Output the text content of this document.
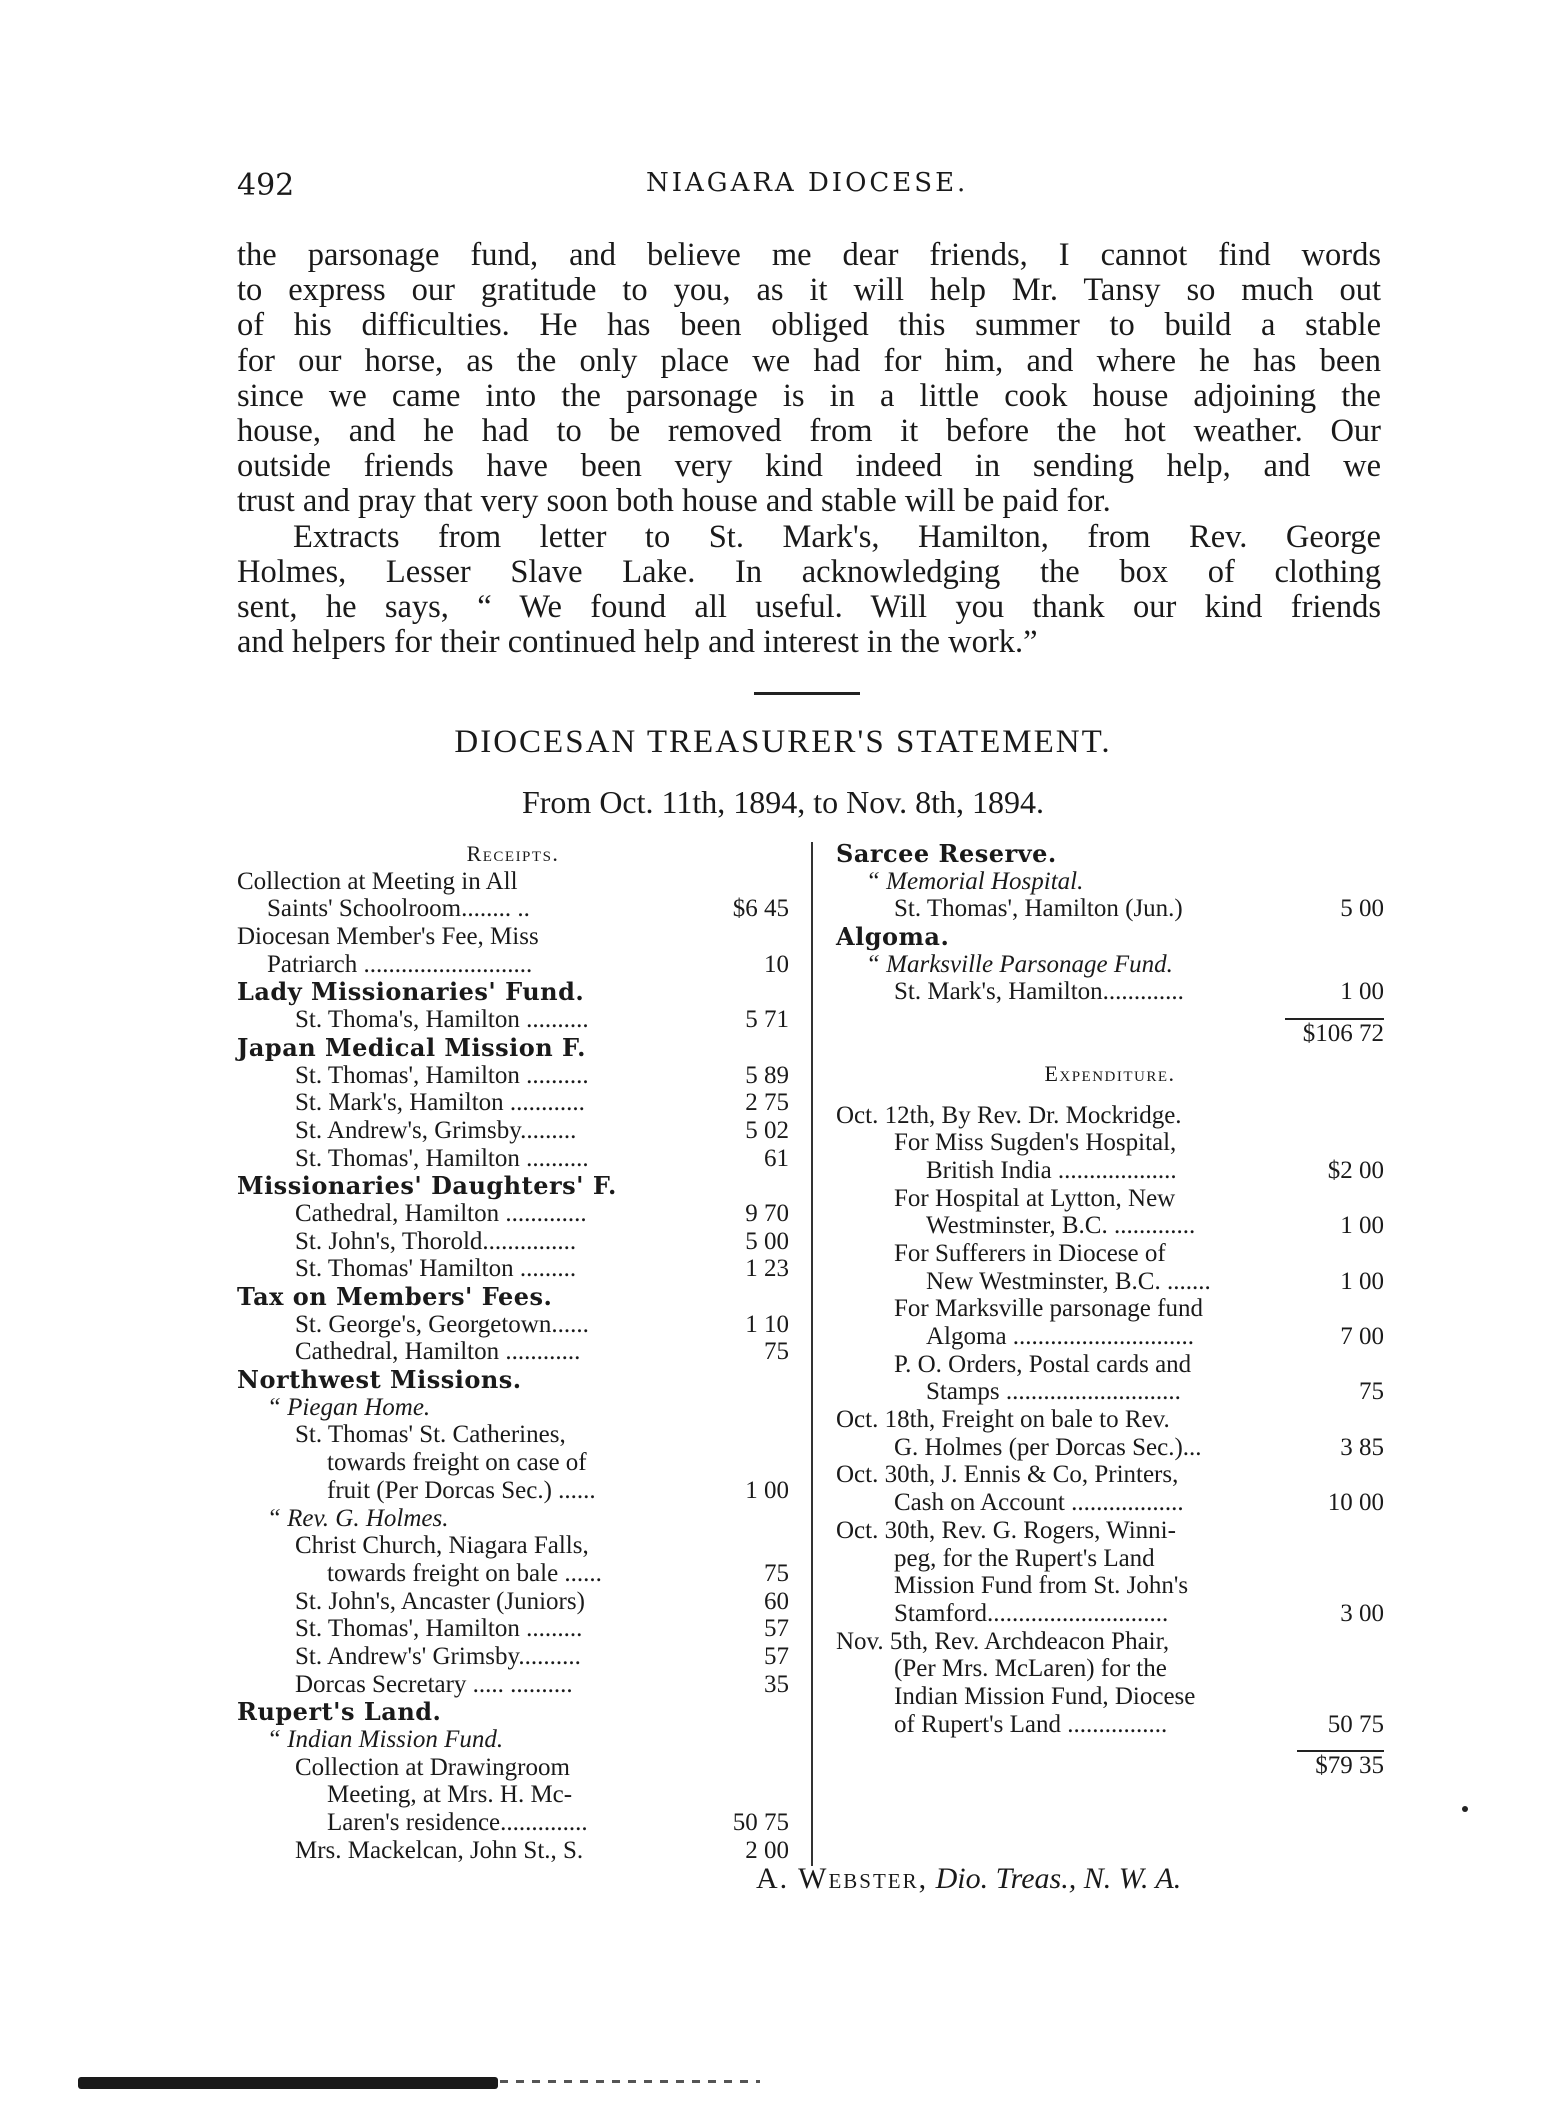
492	NIAGARA DIOCESE.
the parsonage fund, and believe me dear friends, I cannot find words
to express our gratitude to you, as it will help Mr. Tansy so much out
of his difficulties. He has been obliged this summer to build a stable
for our horse, as the only place we had for him, and where he has been
since we came into the parsonage is in a little cook house adjoining the
house, and he had to be removed from it before the hot weather. Our
outside friends have been very kind indeed in sending help, and we
trust and pray that very soon both house and stable will be paid for.
Extracts from letter to St. Mark's, Hamilton, from Rev. George
Holmes, Lesser Slave Lake. In acknowledging the box of clothing
sent, he says, “ We found all useful. Will you thank our kind friends
and helpers for their continued help and interest in the work.”
DIOCESAN TREASURER'S STATEMENT.
From Oct. 11th, 1894, to Nov. 8th, 1894.
Receipts.
Collection at Meeting in All
Saints' Schoolroom........ ..	$6 45
Diocesan Member's Fee, Miss
Patriarch ...........................	10
Lady Missionaries' Fund.
St. Thoma's, Hamilton ..........	5 71
Japan Medical Mission F.
St. Thomas', Hamilton ..........	5 89
St. Mark's, Hamilton ............	2 75
St. Andrew's, Grimsby.........	5 02
St. Thomas', Hamilton ..........	61
Missionaries' Daughters' F.
Cathedral, Hamilton .............	9 70
St. John's, Thorold...............	5 00
St. Thomas' Hamilton .........	1 23
Tax on Members' Fees.
St. George's, Georgetown......	1 10
Cathedral, Hamilton ............	75
Northwest Missions.
“ Piegan Home.
St. Thomas' St. Catherines,
towards freight on case of
fruit (Per Dorcas Sec.) ......	1 00
“ Rev. G. Holmes.
Christ Church, Niagara Falls,
towards freight on bale ......	75
St. John's, Ancaster (Juniors)	60
St. Thomas', Hamilton .........	57
St. Andrew's' Grimsby..........	57
Dorcas Secretary ..... ..........	35
Rupert's Land.
“ Indian Mission Fund.
Collection at Drawingroom
Meeting, at Mrs. H. Mc-
Laren's residence..............	50 75
Mrs. Mackelcan, John St., S.	2 00
Sarcee Reserve.
“ Memorial Hospital.
St. Thomas', Hamilton (Jun.)	5 00
Algoma.
“ Marksville Parsonage Fund.
St. Mark's, Hamilton.............	1 00
$106 72
Expenditure.
Oct. 12th, By Rev. Dr. Mockridge.
For Miss Sugden's Hospital,
British India ...................	$2 00
For Hospital at Lytton, New
Westminster, B.C. .............	1 00
For Sufferers in Diocese of
New Westminster, B.C. .......	1 00
For Marksville parsonage fund
Algoma .............................	7 00
P. O. Orders, Postal cards and
Stamps ............................	75
Oct. 18th, Freight on bale to Rev.
G. Holmes (per Dorcas Sec.)...	3 85
Oct. 30th, J. Ennis & Co, Printers,
Cash on Account ..................	10 00
Oct. 30th, Rev. G. Rogers, Winni-
peg, for the Rupert's Land
Mission Fund from St. John's
Stamford.............................	3 00
Nov. 5th, Rev. Archdeacon Phair,
(Per Mrs. McLaren) for the
Indian Mission Fund, Diocese
of Rupert's Land ................	50 75
$79 35
A. Webster, Dio. Treas., N. W. A.
